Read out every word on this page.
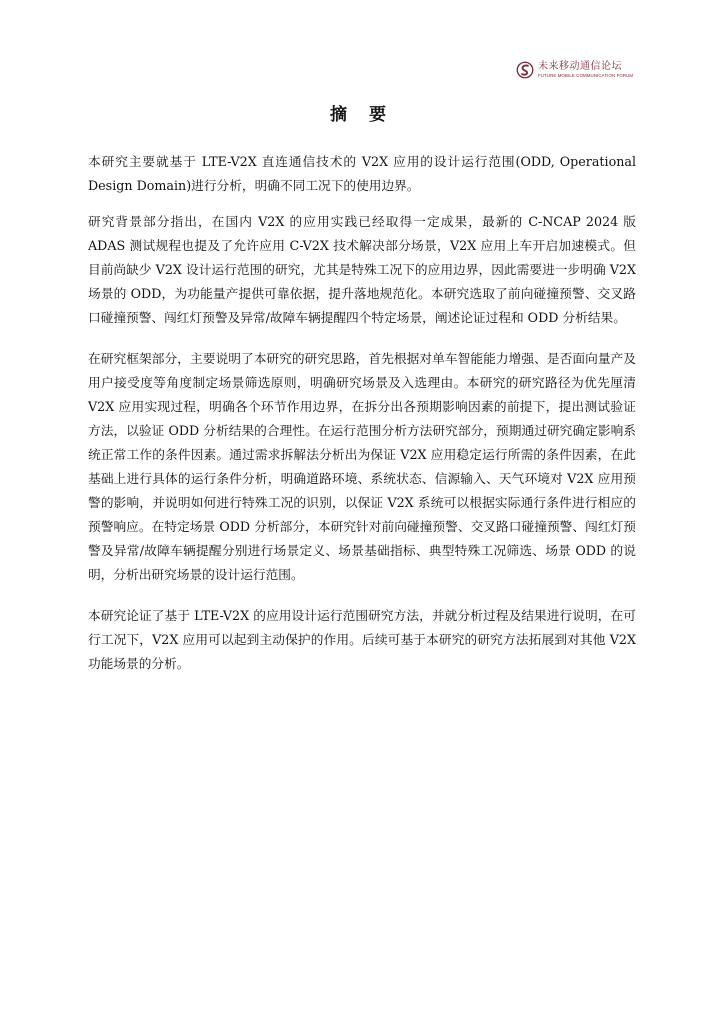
未来移动通信论坛
FUTURE MOBILE COMMUNICATION FORUM
摘 要

本研究主要就基于 LTE-V2X 直连通信技术的 V2X 应用的设计运行范围(ODD, Operational Design Domain)进行分析，明确不同工况下的使用边界。

研究背景部分指出，在国内 V2X 的应用实践已经取得一定成果，最新的 C-NCAP 2024 版 ADAS 测试规程也提及了允许应用 C-V2X 技术解决部分场景，V2X 应用上车开启加速模式。但目前尚缺少 V2X 设计运行范围的研究，尤其是特殊工况下的应用边界，因此需要进一步明确 V2X 场景的 ODD，为功能量产提供可靠依据，提升落地规范化。本研究选取了前向碰撞预警、交叉路口碰撞预警、闯红灯预警及异常/故障车辆提醒四个特定场景，阐述论证过程和 ODD 分析结果。

在研究框架部分，主要说明了本研究的研究思路，首先根据对单车智能能力增强、是否面向量产及用户接受度等角度制定场景筛选原则，明确研究场景及入选理由。本研究的研究路径为优先厘清 V2X 应用实现过程，明确各个环节作用边界，在拆分出各预期影响因素的前提下，提出测试验证方法，以验证 ODD 分析结果的合理性。在运行范围分析方法研究部分，预期通过研究确定影响系统正常工作的条件因素。通过需求拆解法分析出为保证 V2X 应用稳定运行所需的条件因素，在此基础上进行具体的运行条件分析，明确道路环境、系统状态、信源输入、天气环境对 V2X 应用预警的影响，并说明如何进行特殊工况的识别，以保证 V2X 系统可以根据实际通行条件进行相应的预警响应。在特定场景 ODD 分析部分，本研究针对前向碰撞预警、交叉路口碰撞预警、闯红灯预警及异常/故障车辆提醒分别进行场景定义、场景基础指标、典型特殊工况筛选、场景 ODD 的说明，分析出研究场景的设计运行范围。

本研究论证了基于 LTE-V2X 的应用设计运行范围研究方法，并就分析过程及结果进行说明，在可行工况下，V2X 应用可以起到主动保护的作用。后续可基于本研究的研究方法拓展到对其他 V2X 功能场景的分析。
